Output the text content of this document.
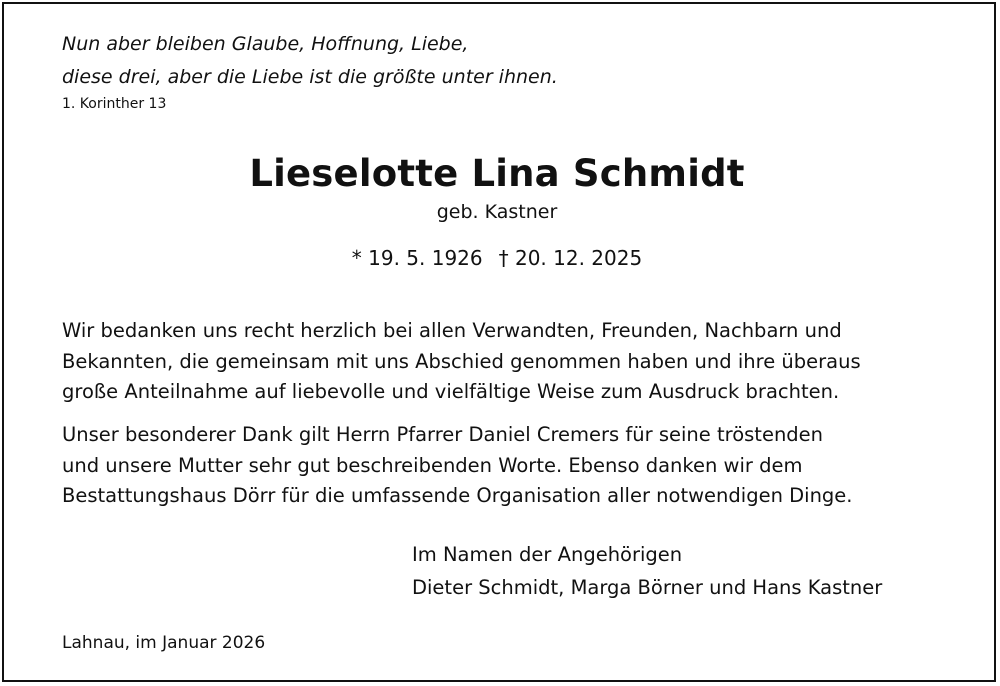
Nun aber bleiben Glaube, Hoffnung, Liebe,
diese drei, aber die Liebe ist die größte unter ihnen.
1. Korinther 13
Lieselotte Lina Schmidt
geb. Kastner
* 19. 5. 1926 † 20. 12. 2025
Wir bedanken uns recht herzlich bei allen Verwandten, Freunden, Nachbarn und
Bekannten, die gemeinsam mit uns Abschied genommen haben und ihre überaus
große Anteilnahme auf liebevolle und vielfältige Weise zum Ausdruck brachten.
Unser besonderer Dank gilt Herrn Pfarrer Daniel Cremers für seine tröstenden
und unsere Mutter sehr gut beschreibenden Worte. Ebenso danken wir dem
Bestattungshaus Dörr für die umfassende Organisation aller notwendigen Dinge.
Im Namen der Angehörigen
Dieter Schmidt, Marga Börner und Hans Kastner
Lahnau, im Januar 2026
